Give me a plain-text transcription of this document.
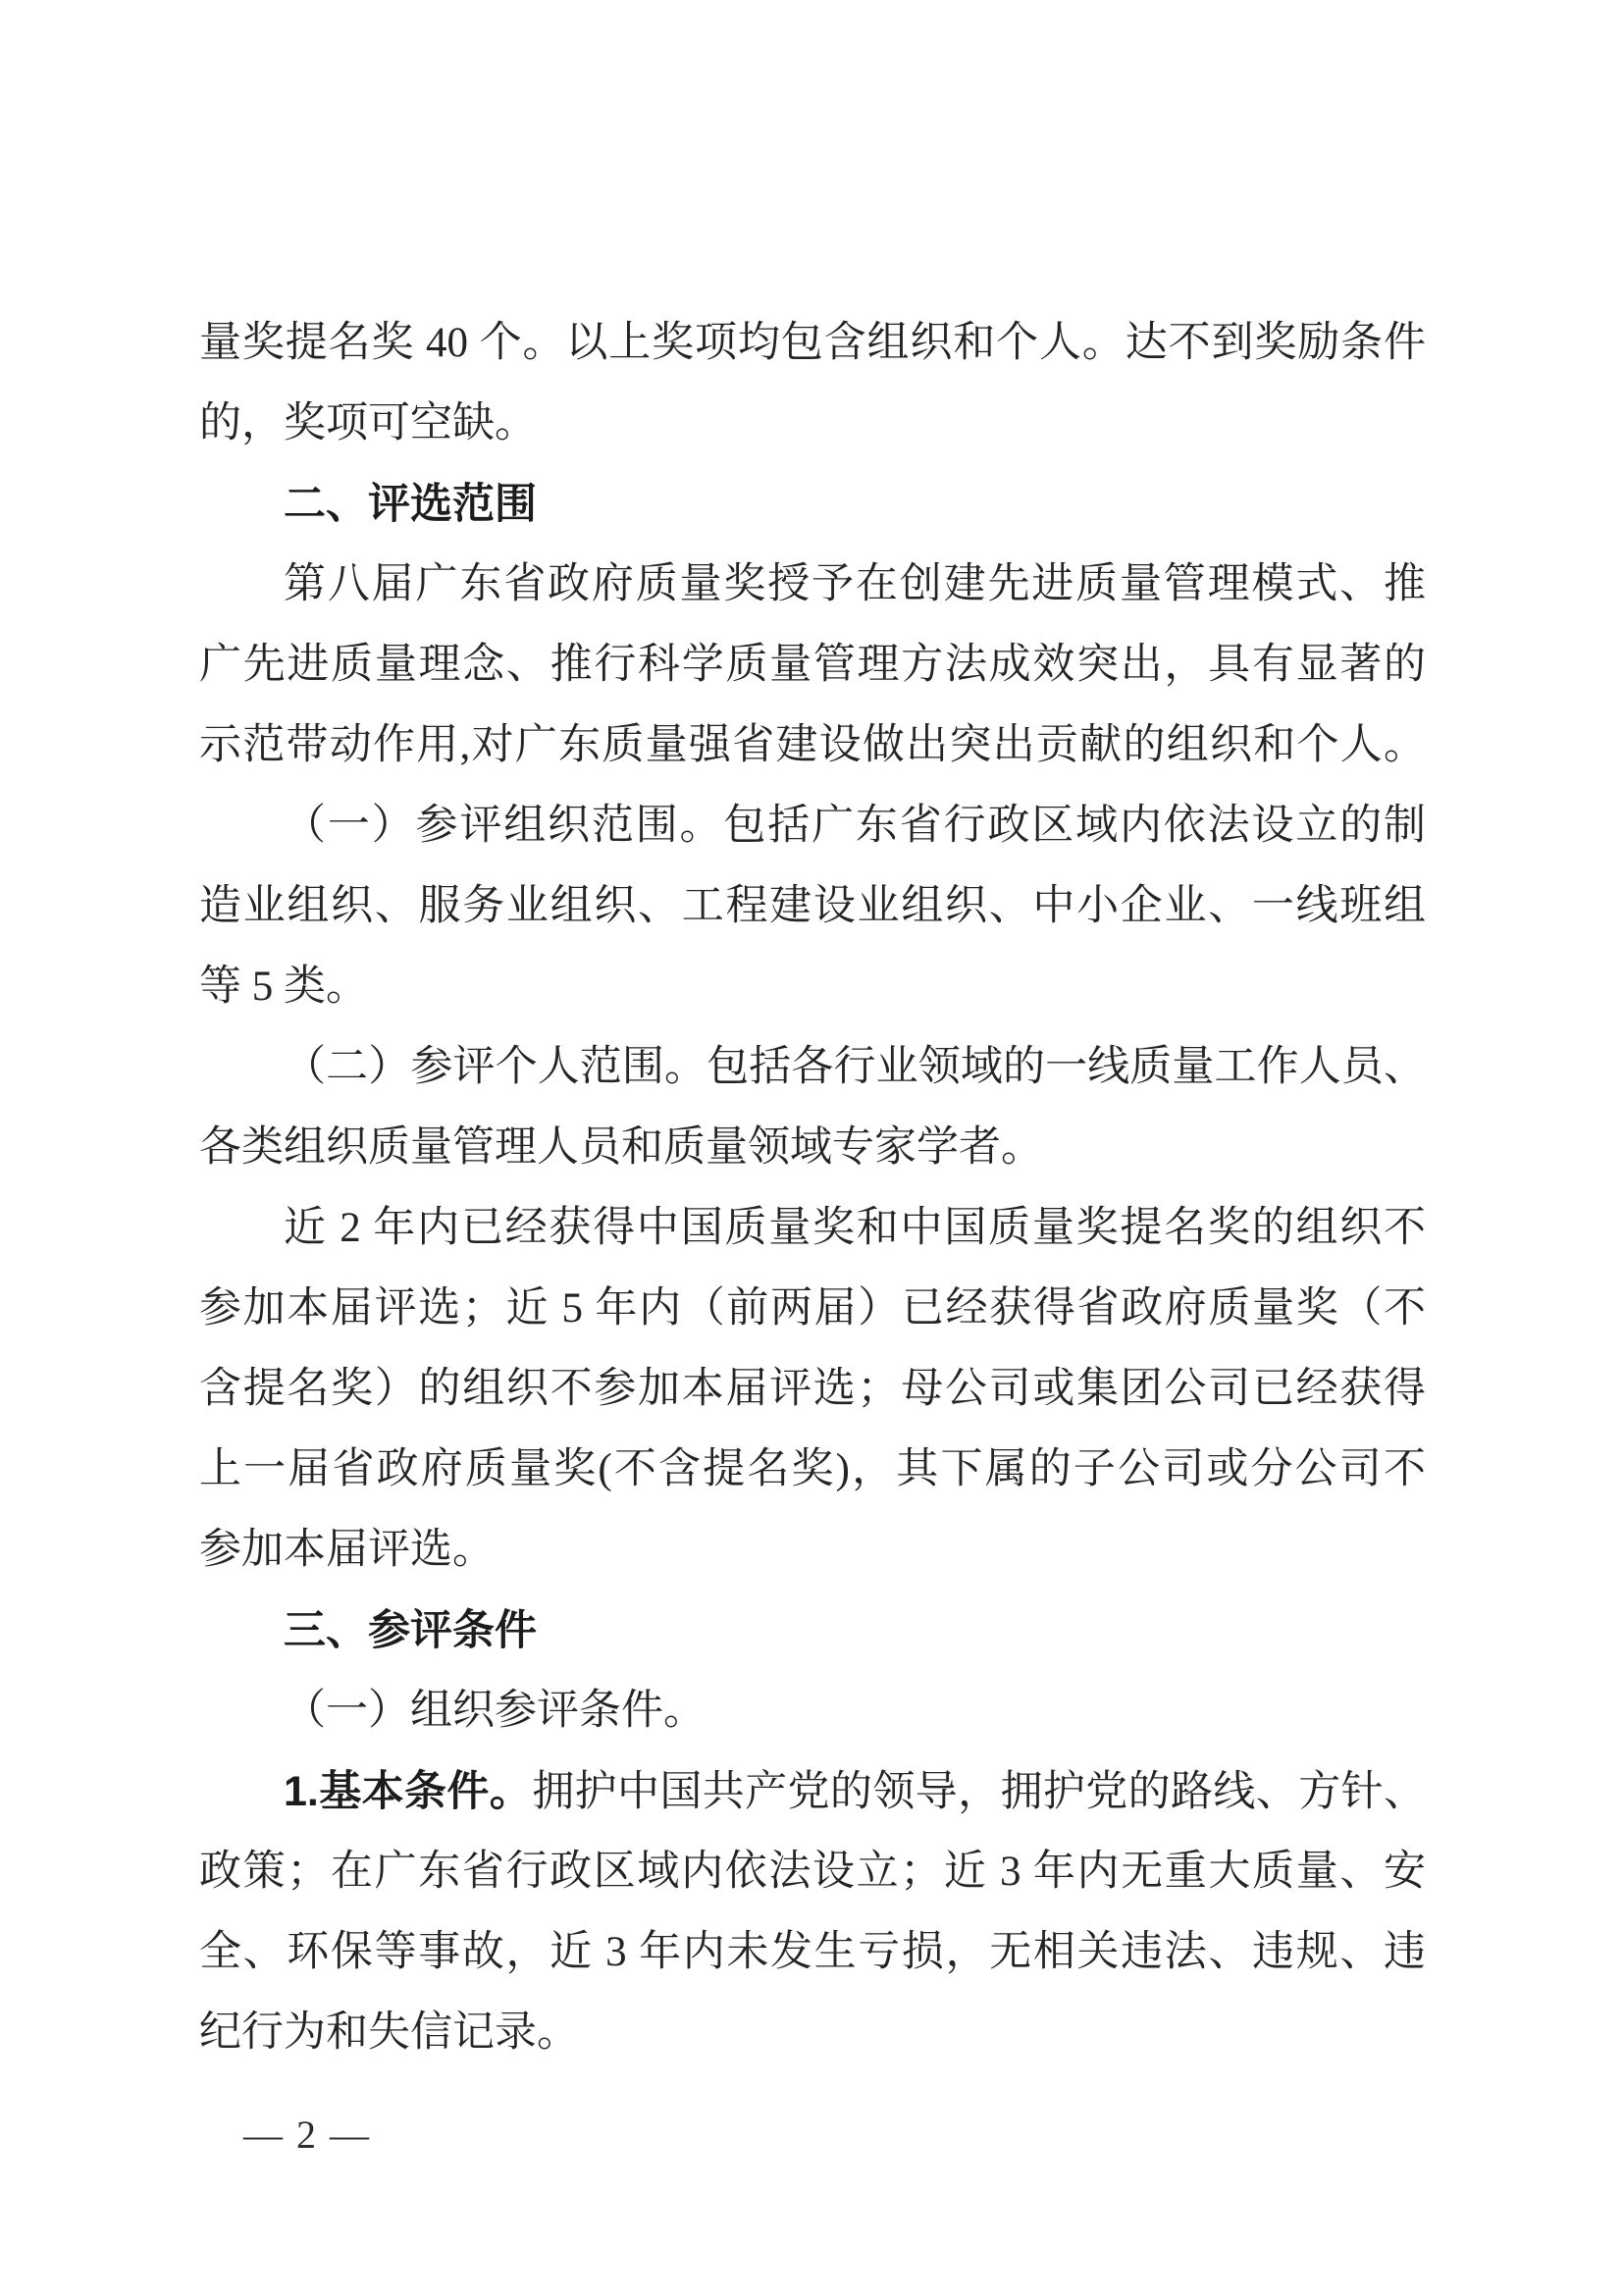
量奖提名奖 40 个。以上奖项均包含组织和个人。达不到奖励条件
的，奖项可空缺。
二、评选范围
第八届广东省政府质量奖授予在创建先进质量管理模式、推
广先进质量理念、推行科学质量管理方法成效突出，具有显著的
示范带动作用,对广东质量强省建设做出突出贡献的组织和个人。
（一）参评组织范围。包括广东省行政区域内依法设立的制
造业组织、服务业组织、工程建设业组织、中小企业、一线班组
等 5 类。
（二）参评个人范围。包括各行业领域的一线质量工作人员、
各类组织质量管理人员和质量领域专家学者。
近 2 年内已经获得中国质量奖和中国质量奖提名奖的组织不
参加本届评选；近 5 年内（前两届）已经获得省政府质量奖（不
含提名奖）的组织不参加本届评选；母公司或集团公司已经获得
上一届省政府质量奖(不含提名奖)，其下属的子公司或分公司不
参加本届评选。
三、参评条件
（一）组织参评条件。
1.基本条件。拥护中国共产党的领导，拥护党的路线、方针、
政策；在广东省行政区域内依法设立；近 3 年内无重大质量、安
全、环保等事故，近 3 年内未发生亏损，无相关违法、违规、违
纪行为和失信记录。
— 2 —
